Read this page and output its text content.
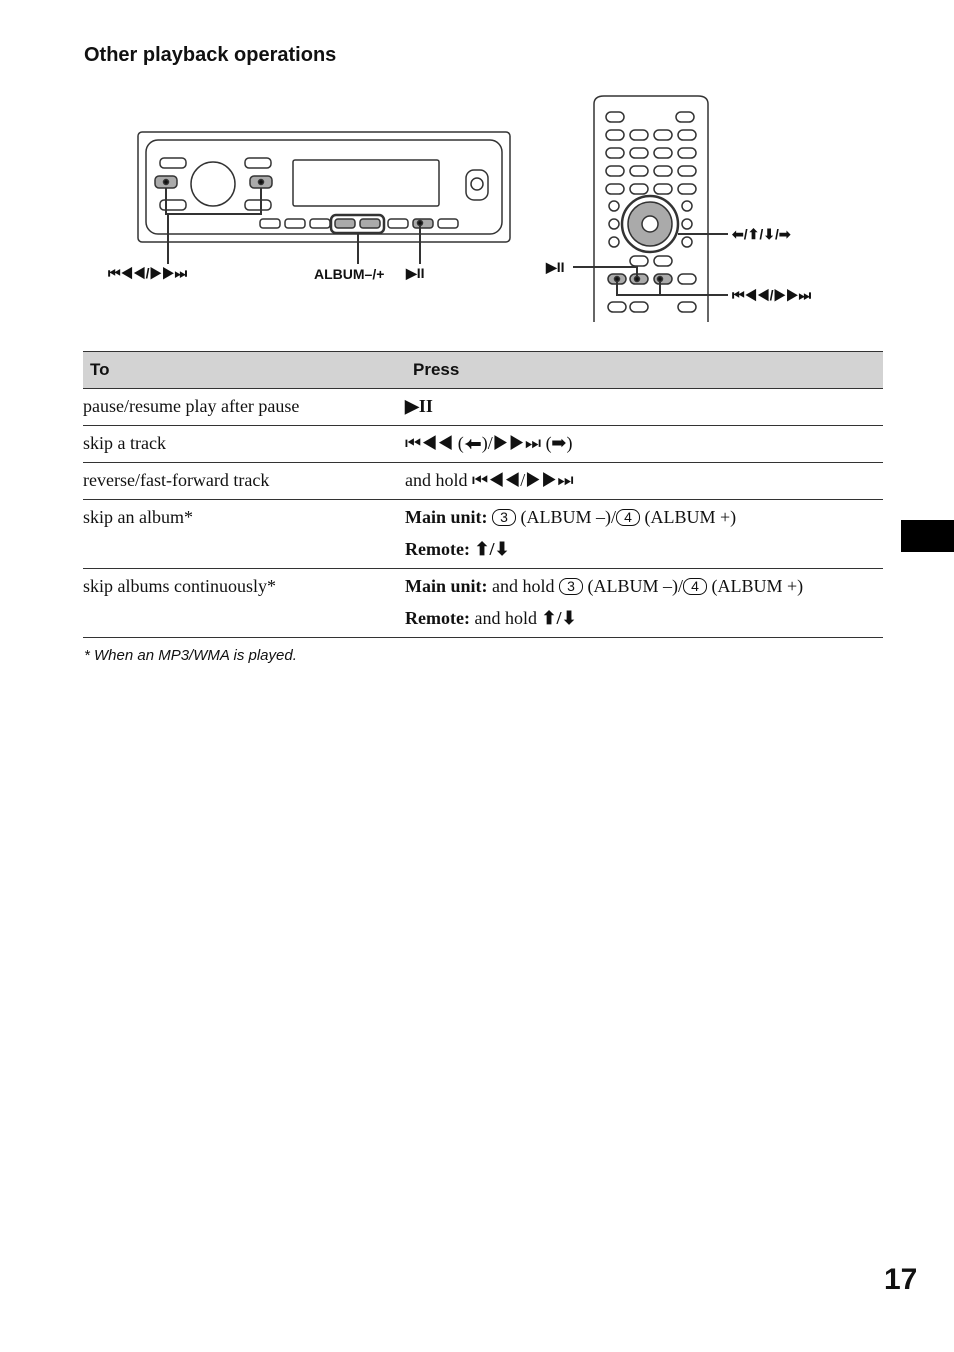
Other playback operations
⏮◀◀/▶▶⏭	ALBUM–/+ ▶II	▶II
⬅/⬆/⬇/➡
⏮◀◀/▶▶⏭
To	Press
pause/resume play after pause	▶II
skip a track	⏮◀◀ (⬅)/▶▶⏭ (➡)
reverse/fast-forward track	and hold ⏮◀◀/▶▶⏭
skip an album*	Main unit: 3 (ALBUM –)/ 4 (ALBUM +)
Remote: ⬆/⬇

skip albums continuously*	Main unit: and hold 3 (ALBUM –)/ 4 (ALBUM +)
Remote: and hold ⬆/⬇
* When an MP3/WMA is played.
17
